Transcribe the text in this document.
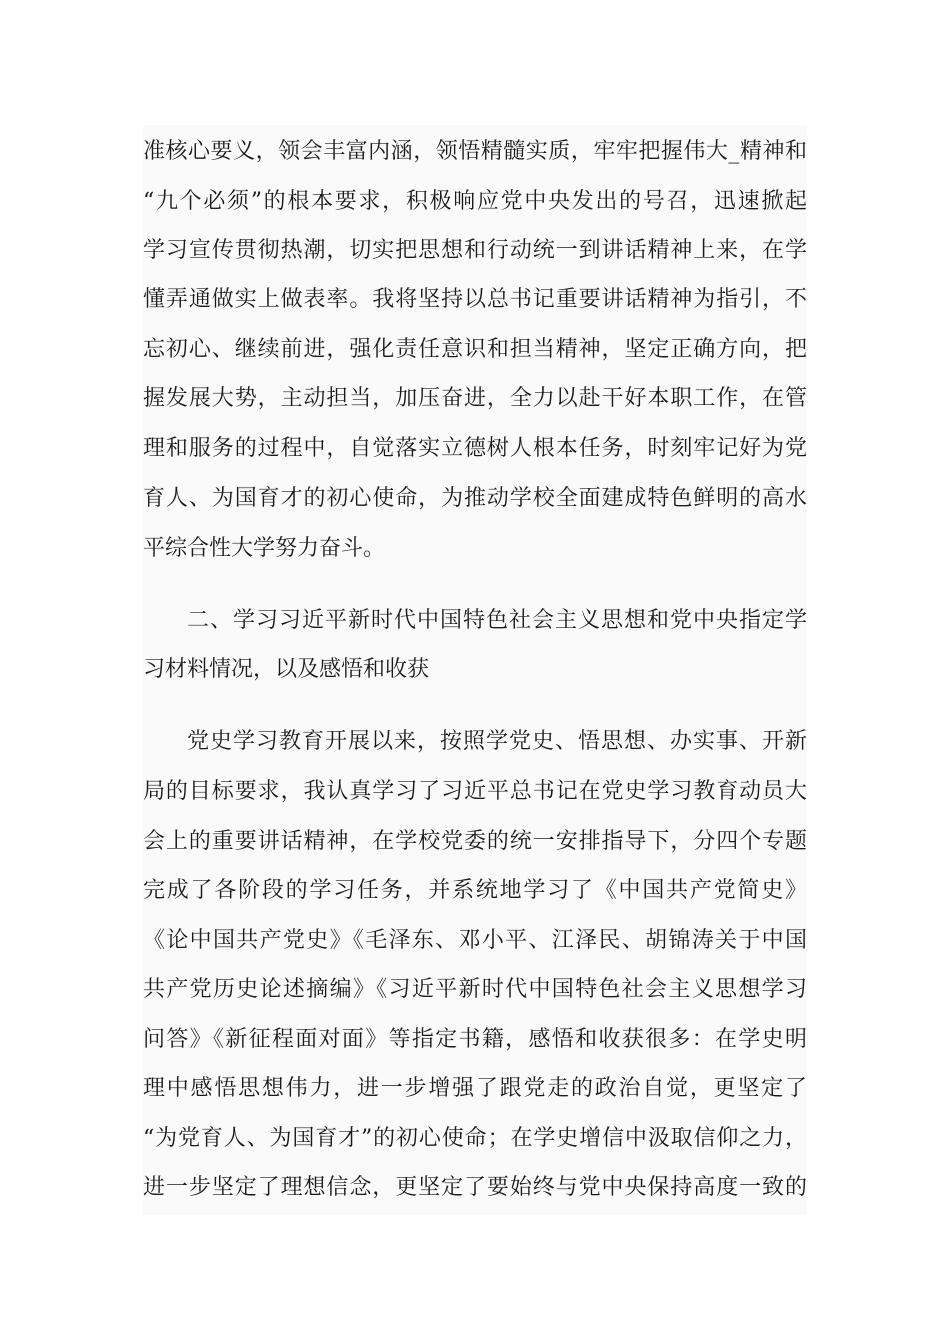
准核心要义，领会丰富内涵，领悟精髓实质，牢牢把握伟大_精神和
“九个必须”的根本要求，积极响应党中央发出的号召，迅速掀起
学习宣传贯彻热潮，切实把思想和行动统一到讲话精神上来，在学
懂弄通做实上做表率。我将坚持以总书记重要讲话精神为指引，不
忘初心、继续前进，强化责任意识和担当精神，坚定正确方向，把
握发展大势，主动担当，加压奋进，全力以赴干好本职工作，在管
理和服务的过程中，自觉落实立德树人根本任务，时刻牢记好为党
育人、为国育才的初心使命，为推动学校全面建成特色鲜明的高水
平综合性大学努力奋斗。
二、学习习近平新时代中国特色社会主义思想和党中央指定学
习材料情况，以及感悟和收获
党史学习教育开展以来，按照学党史、悟思想、办实事、开新
局的目标要求，我认真学习了习近平总书记在党史学习教育动员大
会上的重要讲话精神，在学校党委的统一安排指导下，分四个专题
完成了各阶段的学习任务，并系统地学习了《中国共产党简史》
《论中国共产党史》《毛泽东、邓小平、江泽民、胡锦涛关于中国
共产党历史论述摘编》《习近平新时代中国特色社会主义思想学习
问答》《新征程面对面》等指定书籍，感悟和收获很多：在学史明
理中感悟思想伟力，进一步增强了跟党走的政治自觉，更坚定了
“为党育人、为国育才”的初心使命；在学史增信中汲取信仰之力，
进一步坚定了理想信念，更坚定了要始终与党中央保持高度一致的
